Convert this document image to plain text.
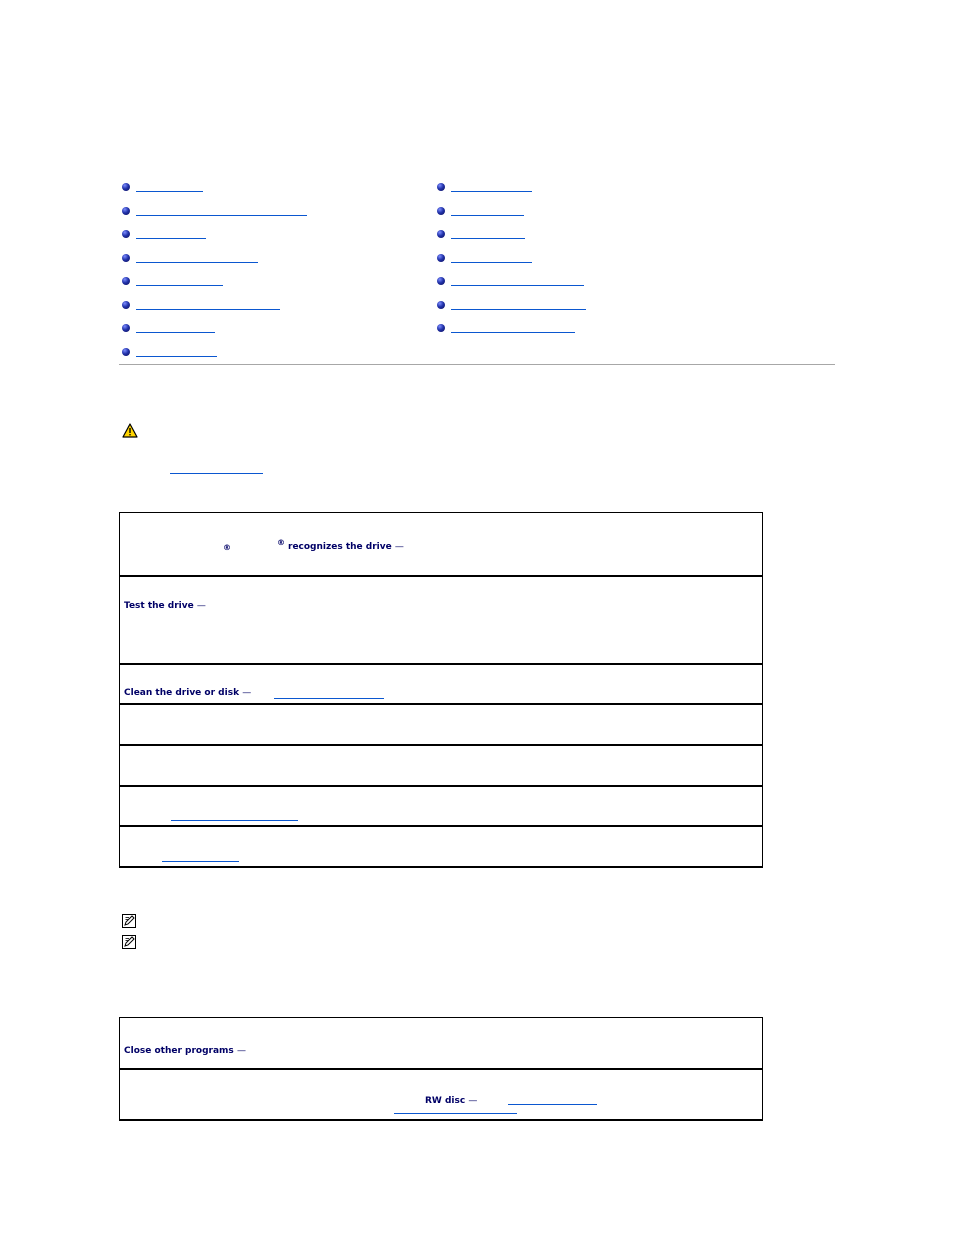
®
® recognizes the drive —
Test the drive —
Clean the drive or disk —
Close other programs —
RW disc —
